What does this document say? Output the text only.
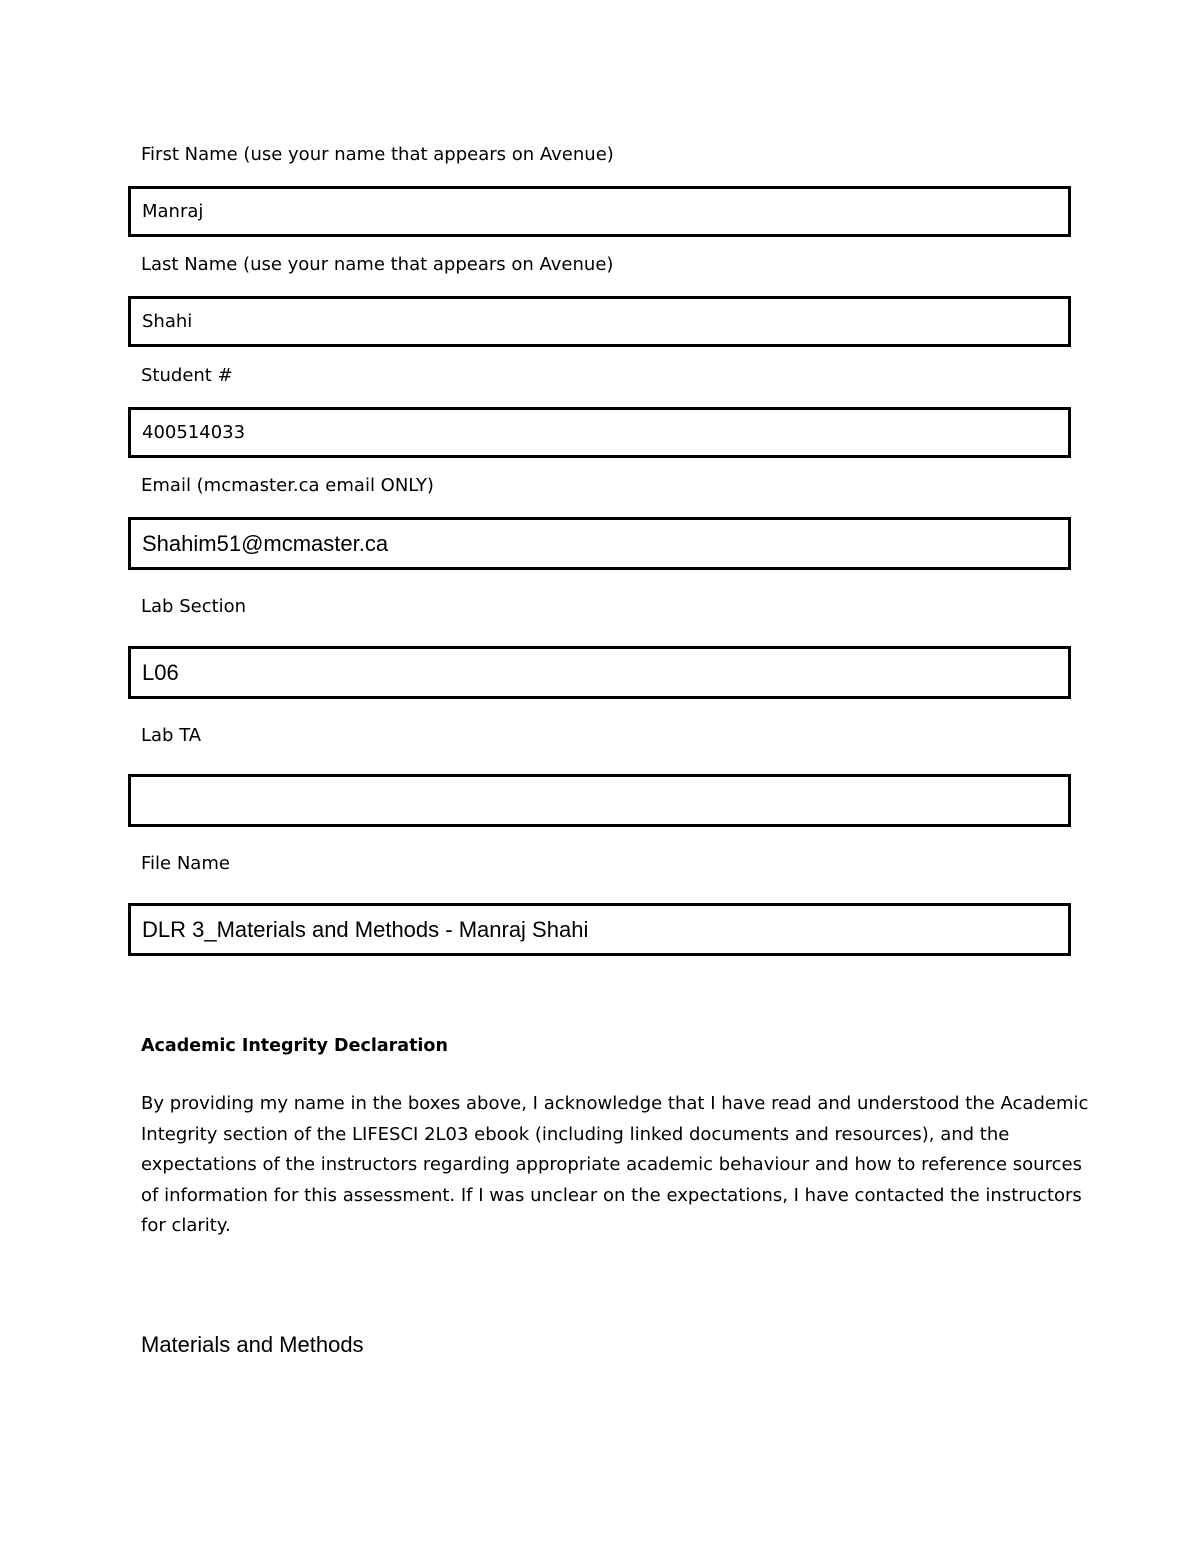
First Name (use your name that appears on Avenue)
Manraj
Last Name (use your name that appears on Avenue)
Shahi
Student #
400514033
Email (mcmaster.ca email ONLY)
Shahim51@mcmaster.ca
Lab Section
L06
Lab TA
File Name
DLR 3_Materials and Methods - Manraj Shahi
Academic Integrity Declaration
By providing my name in the boxes above, I acknowledge that I have read and understood the Academic
Integrity section of the LIFESCI 2L03 ebook (including linked documents and resources), and the
expectations of the instructors regarding appropriate academic behaviour and how to reference sources
of information for this assessment. If I was unclear on the expectations, I have contacted the instructors
for clarity.
Materials and Methods
